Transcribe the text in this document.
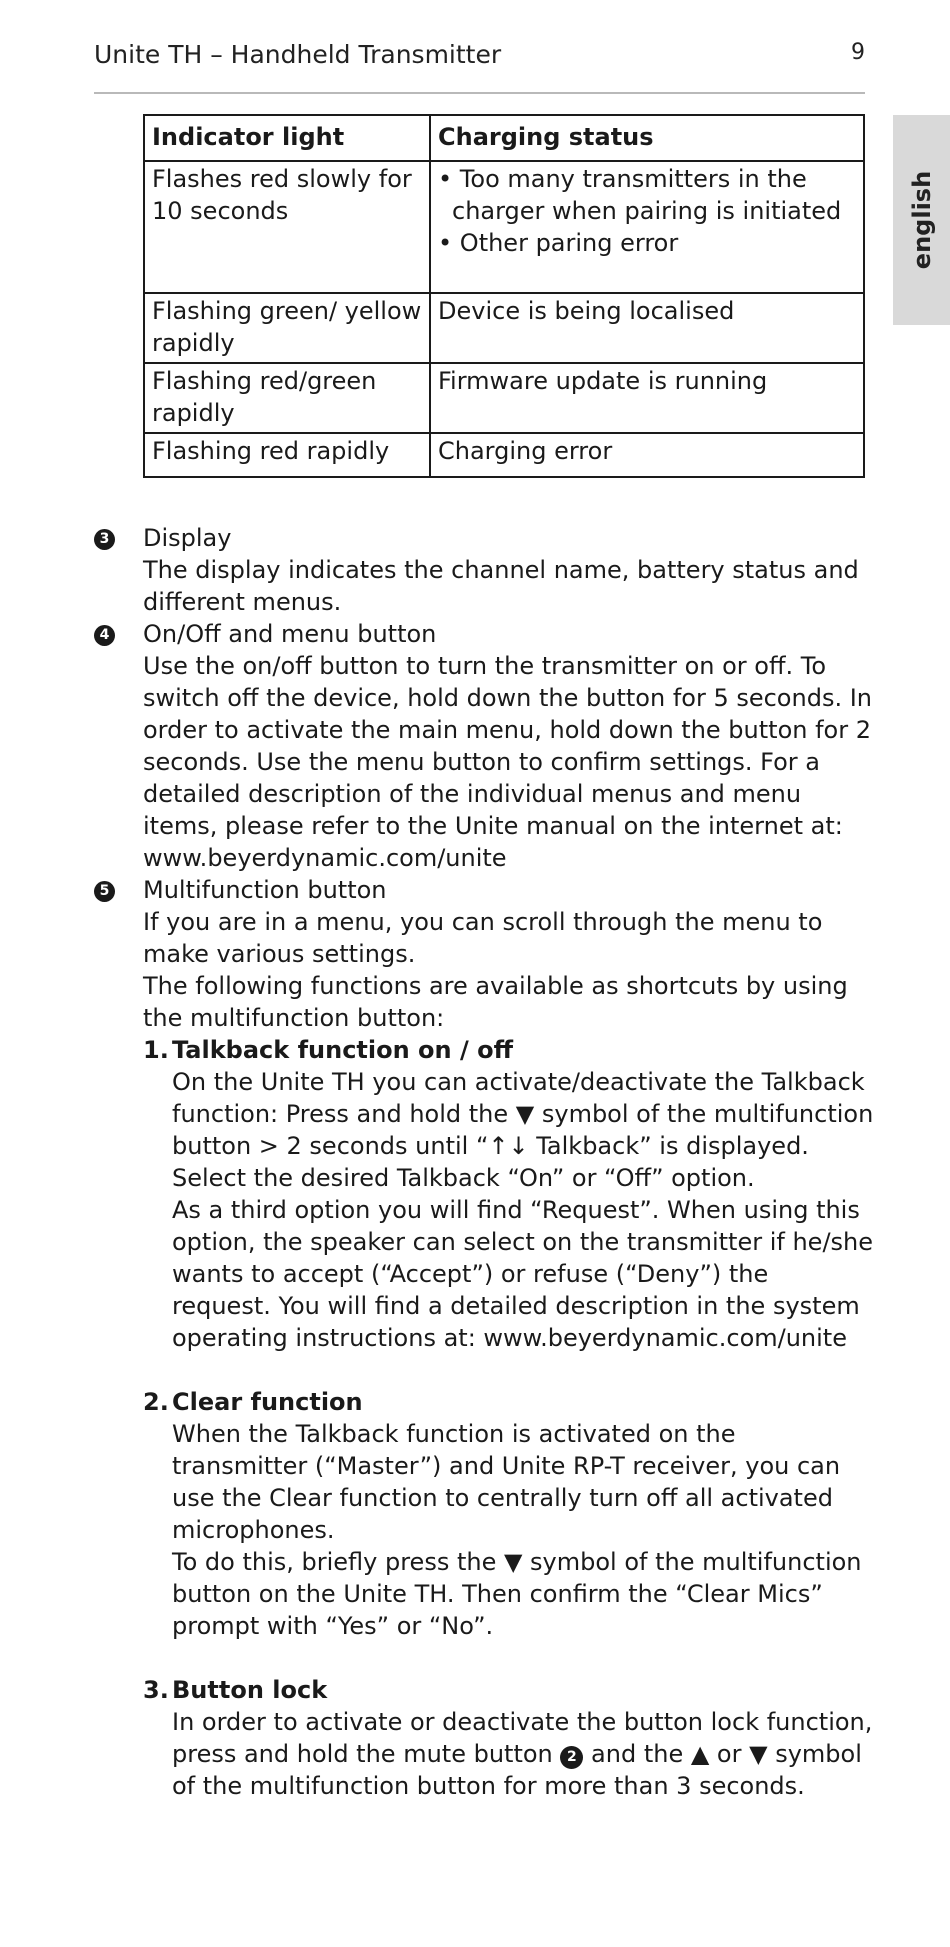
Unite TH – Handheld Transmitter	9
english
Indicator light	Charging status
Flashes red slowly for 10 seconds	• Too many transmitters in the charger when pairing is initiated
• Other paring error

Flashing green/ yellow rapidly	Device is being localised
Flashing red/green rapidly	Firmware update is running
Flashing red rapidly	Charging error
3 Display

The display indicates the channel name, battery status and different menus.

4 On/Off and menu button

Use the on/off button to turn the transmitter on or off. To switch off the device, hold down the button for 5 seconds. In order to activate the main menu, hold down the button for 2 seconds. Use the menu button to confirm settings. For a detailed description of the individual menus and menu items, please refer to the Unite manual on the internet at: www.beyerdynamic.com/unite

5 Multifunction button

If you are in a menu, you can scroll through the menu to make various settings.

The following functions are available as shortcuts by using the multifunction button:

1. Talkback function on / off

On the Unite TH you can activate/deactivate the Talkback function: Press and hold the ▼ symbol of the multifunction button > 2 seconds until “↑↓ Talkback” is displayed. Select the desired Talkback “On” or “Off” option.

As a third option you will find “Request”. When using this option, the speaker can select on the transmitter if he/she wants to accept (“Accept”) or refuse (“Deny”) the request. You will find a detailed description in the system operating instructions at: www.beyerdynamic.com/unite

2. Clear function

When the Talkback function is activated on the transmitter (“Master”) and Unite RP-T receiver, you can use the Clear function to centrally turn off all activated microphones.

To do this, briefly press the ▼ symbol of the multifunction button on the Unite TH. Then confirm the “Clear Mics” prompt with “Yes” or “No”.

3. Button lock

In order to activate or deactivate the button lock function, press and hold the mute button 2 and the ▲ or ▼ symbol of the multifunction button for more than 3 seconds.
